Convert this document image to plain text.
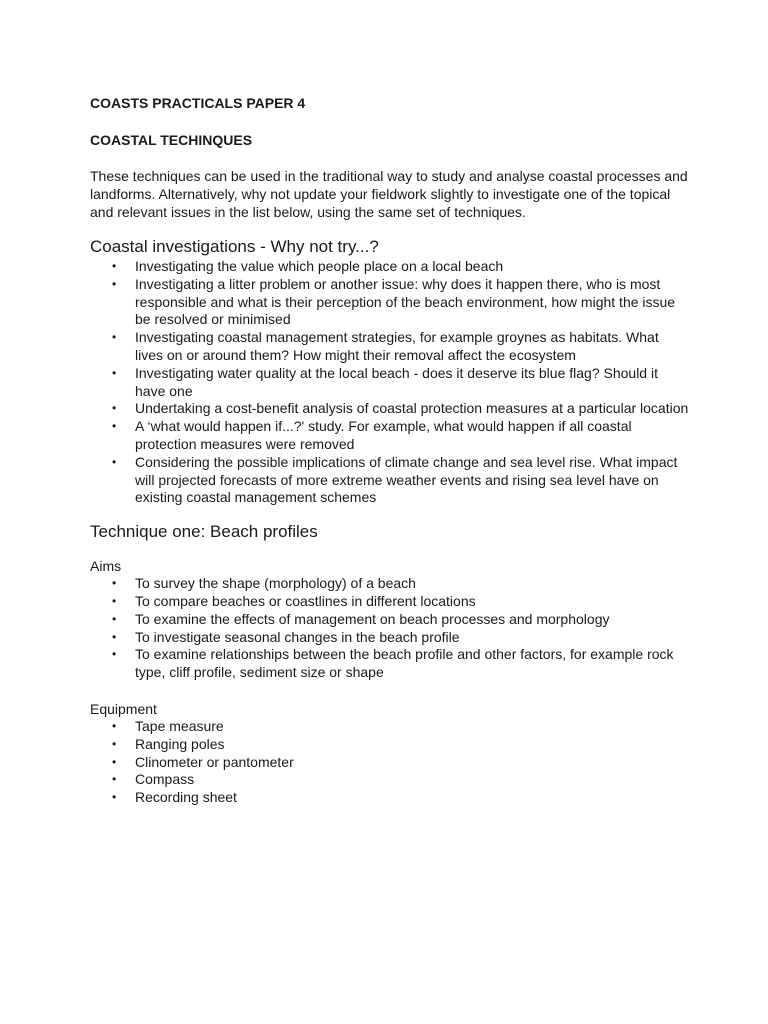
COASTS PRACTICALS PAPER 4

COASTAL TECHINQUES

These techniques can be used in the traditional way to study and analyse coastal processes and landforms. Alternatively, why not update your fieldwork slightly to investigate one of the topical and relevant issues in the list below, using the same set of techniques.

Coastal investigations - Why not try...?
• Investigating the value which people place on a local beach
• Investigating a litter problem or another issue: why does it happen there, who is most responsible and what is their perception of the beach environment, how might the issue be resolved or minimised
• Investigating coastal management strategies, for example groynes as habitats. What lives on or around them? How might their removal affect the ecosystem
• Investigating water quality at the local beach - does it deserve its blue flag? Should it have one
• Undertaking a cost-benefit analysis of coastal protection measures at a particular location
• A ‘what would happen if...?' study. For example, what would happen if all coastal protection measures were removed
• Considering the possible implications of climate change and sea level rise. What impact will projected forecasts of more extreme weather events and rising sea level have on existing coastal management schemes
Technique one: Beach profiles

Aims

• To survey the shape (morphology) of a beach
• To compare beaches or coastlines in different locations
• To examine the effects of management on beach processes and morphology
• To investigate seasonal changes in the beach profile
• To examine relationships between the beach profile and other factors, for example rock type, cliff profile, sediment size or shape

Equipment

• Tape measure
• Ranging poles
• Clinometer or pantometer
• Compass
• Recording sheet
